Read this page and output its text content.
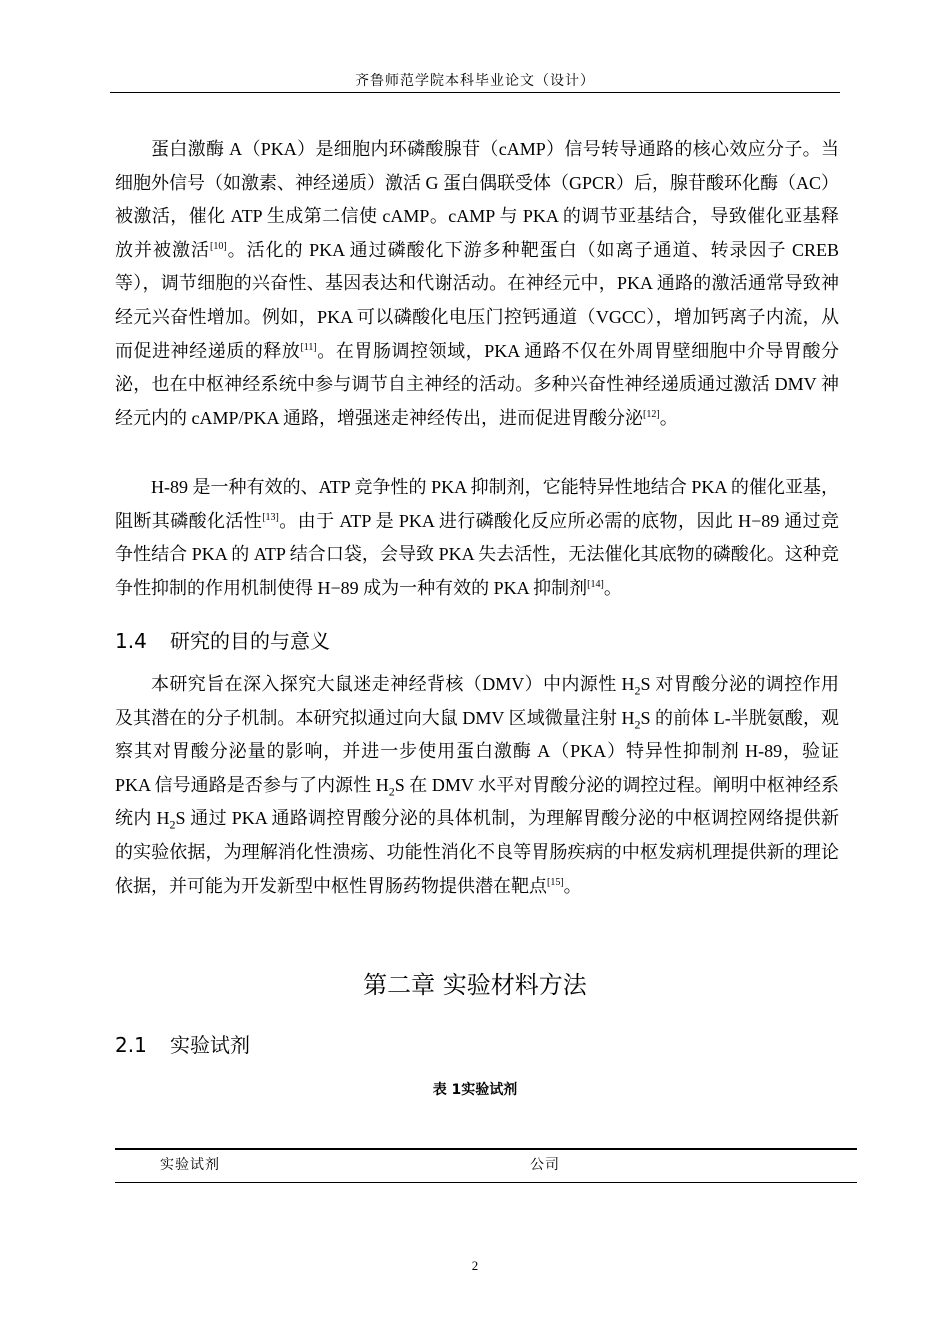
齐鲁师范学院本科毕业论文（设计）

蛋白激酶 A（PKA）是细胞内环磷酸腺苷（cAMP）信号转导通路的核心效应分子。当细胞外信号（如激素、神经递质）激活 G 蛋白偶联受体（GPCR）后，腺苷酸环化酶（AC）被激活，催化 ATP 生成第二信使 cAMP。cAMP 与 PKA 的调节亚基结合，导致催化亚基释放并被激活[10]。活化的 PKA 通过磷酸化下游多种靶蛋白（如离子通道、转录因子 CREB 等），调节细胞的兴奋性、基因表达和代谢活动。在神经元中，PKA 通路的激活通常导致神经元兴奋性增加。例如，PKA 可以磷酸化电压门控钙通道（VGCC），增加钙离子内流，从而促进神经递质的释放[11]。在胃肠调控领域，PKA 通路不仅在外周胃壁细胞中介导胃酸分泌，也在中枢神经系统中参与调节自主神经的活动。多种兴奋性神经递质通过激活 DMV 神经元内的 cAMP/PKA 通路，增强迷走神经传出，进而促进胃酸分泌[12]。

H-89 是一种有效的、ATP 竞争性的 PKA 抑制剂，它能特异性地结合 PKA 的催化亚基，阻断其磷酸化活性[13]。由于 ATP 是 PKA 进行磷酸化反应所必需的底物，因此 H−89 通过竞争性结合 PKA 的 ATP 结合口袋，会导致 PKA 失去活性，无法催化其底物的磷酸化。这种竞争性抑制的作用机制使得 H−89 成为一种有效的 PKA 抑制剂[14]。

1.4 研究的目的与意义

本研究旨在深入探究大鼠迷走神经背核（DMV）中内源性 $H_2S$ 对胃酸分泌的调控作用及其潜在的分子机制。本研究拟通过向大鼠 DMV 区域微量注射 $H_2S$ 的前体 L-半胱氨酸，观察其对胃酸分泌量的影响，并进一步使用蛋白激酶 A（PKA）特异性抑制剂 H-89，验证 PKA 信号通路是否参与了内源性 $H_2S$ 在 DMV 水平对胃酸分泌的调控过程。阐明中枢神经系统内 $H_2S$ 通过 PKA 通路调控胃酸分泌的具体机制，为理解胃酸分泌的中枢调控网络提供新的实验依据，为理解消化性溃疡、功能性消化不良等胃肠疾病的中枢发病机理提供新的理论依据，并可能为开发新型中枢性胃肠药物提供潜在靶点[15]。

第二章 实验材料方法
2.1 实验试剂
表 1实验试剂
实验试剂	公司
2
